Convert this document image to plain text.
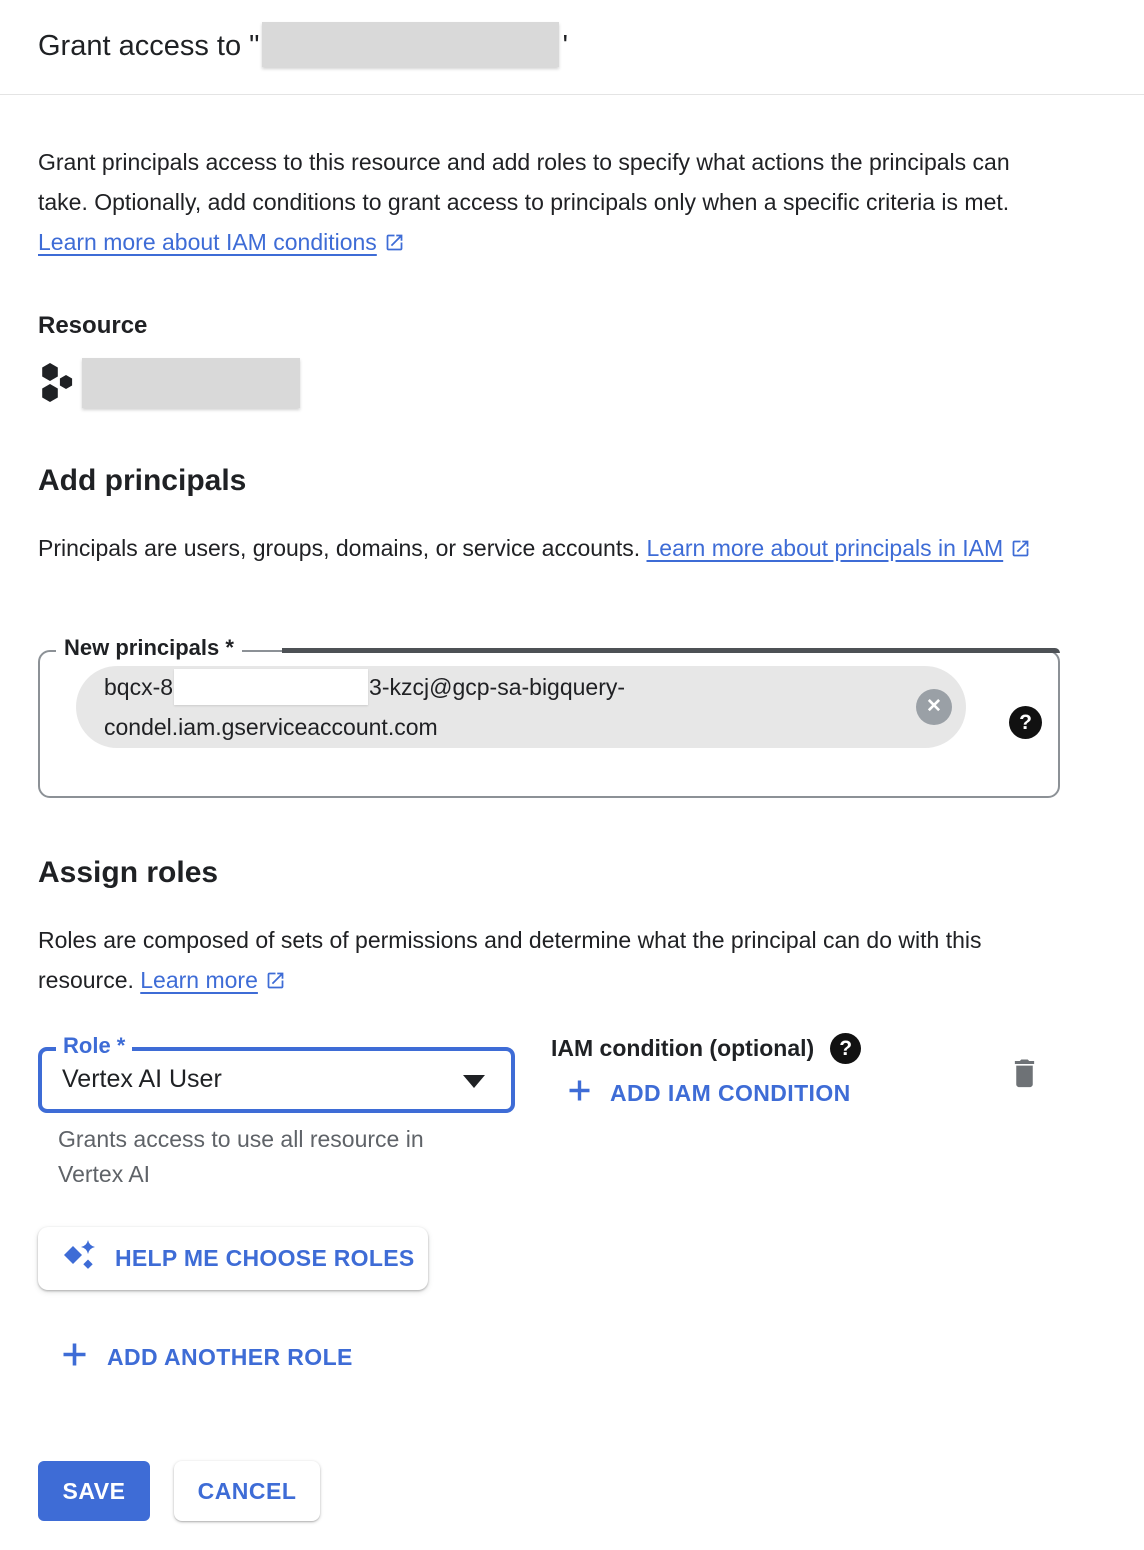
Grant access to "	'
Grant principals access to this resource and add roles to specify what actions the principals can take. Optionally, add conditions to grant access to principals only when a specific criteria is met. Learn more about IAM conditions
Resource
Add principals
Principals are users, groups, domains, or service accounts. Learn more about principals in IAM
New principals *
bqcx-8	3-kzcj@gcp-sa-bigquery-
condel.iam.gserviceaccount.com
✕
?
Assign roles
Roles are composed of sets of permissions and determine what the principal can do with this resource. Learn more
Role *
Vertex AI User
Grants access to use all resource in Vertex AI
IAM condition (optional) ?
ADD IAM CONDITION
HELP ME CHOOSE ROLES
ADD ANOTHER ROLE
SAVE	CANCEL
